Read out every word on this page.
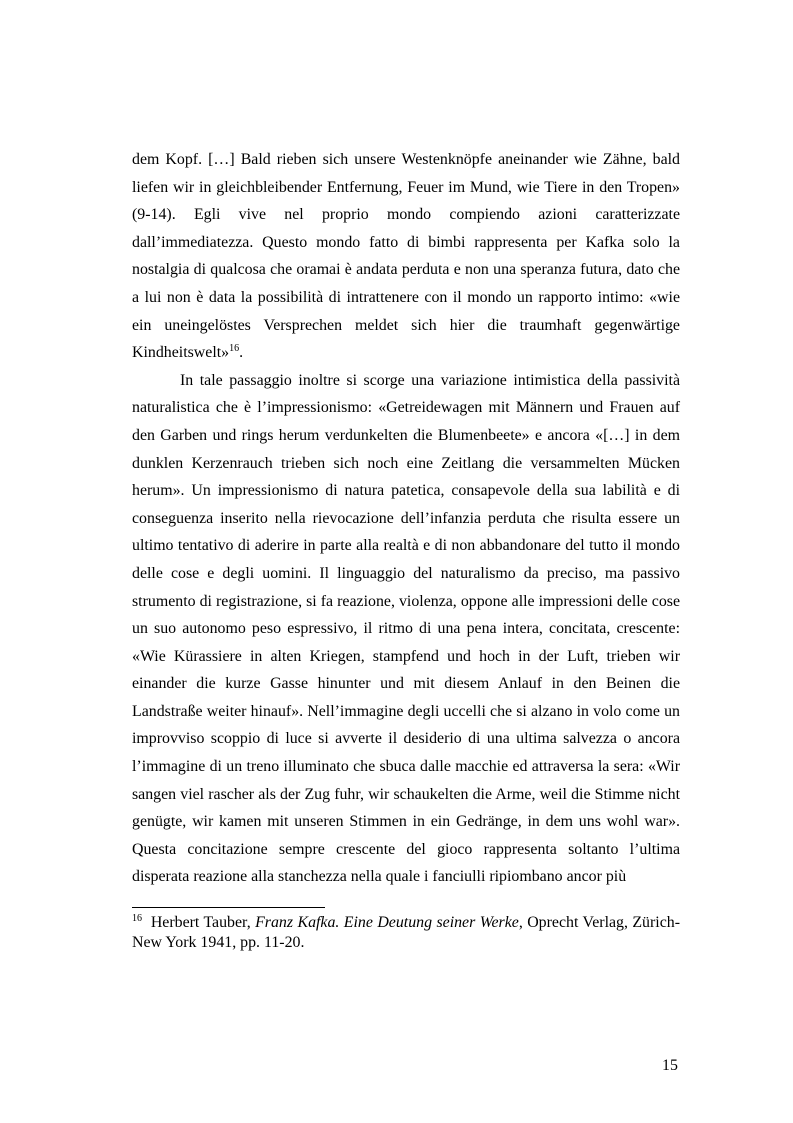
dem Kopf. […] Bald rieben sich unsere Westenknöpfe aneinander wie Zähne, bald liefen wir in gleichbleibender Entfernung, Feuer im Mund, wie Tiere in den Tropen» (9-14). Egli vive nel proprio mondo compiendo azioni caratterizzate dall’immediatezza. Questo mondo fatto di bimbi rappresenta per Kafka solo la nostalgia di qualcosa che oramai è andata perduta e non una speranza futura, dato che a lui non è data la possibilità di intrattenere con il mondo un rapporto intimo: «wie ein uneingelöstes Versprechen meldet sich hier die traumhaft gegenwärtige Kindheitswelt»$^{16}$.

In tale passaggio inoltre si scorge una variazione intimistica della passività naturalistica che è l’impressionismo: «Getreidewagen mit Männern und Frauen auf den Garben und rings herum verdunkelten die Blumenbeete» e ancora «[…] in dem dunklen Kerzenrauch trieben sich noch eine Zeitlang die versammelten Mücken herum». Un impressionismo di natura patetica, consapevole della sua labilità e di conseguenza inserito nella rievocazione dell’infanzia perduta che risulta essere un ultimo tentativo di aderire in parte alla realtà e di non abbandonare del tutto il mondo delle cose e degli uomini. Il linguaggio del naturalismo da preciso, ma passivo strumento di registrazione, si fa reazione, violenza, oppone alle impressioni delle cose un suo autonomo peso espressivo, il ritmo di una pena intera, concitata, crescente: «Wie Kürassiere in alten Kriegen, stampfend und hoch in der Luft, trieben wir einander die kurze Gasse hinunter und mit diesem Anlauf in den Beinen die Landstraße weiter hinauf». Nell’immagine degli uccelli che si alzano in volo come un improvviso scoppio di luce si avverte il desiderio di una ultima salvezza o ancora l’immagine di un treno illuminato che sbuca dalle macchie ed attraversa la sera: «Wir sangen viel rascher als der Zug fuhr, wir schaukelten die Arme, weil die Stimme nicht genügte, wir kamen mit unseren Stimmen in ein Gedränge, in dem uns wohl war». Questa concitazione sempre crescente del gioco rappresenta soltanto l’ultima disperata reazione alla stanchezza nella quale i fanciulli ripiombano ancor più

$^{16}$ Herbert Tauber, Franz Kafka. Eine Deutung seiner Werke, Oprecht Verlag, Zürich-New York 1941, pp. 11-20.
15
